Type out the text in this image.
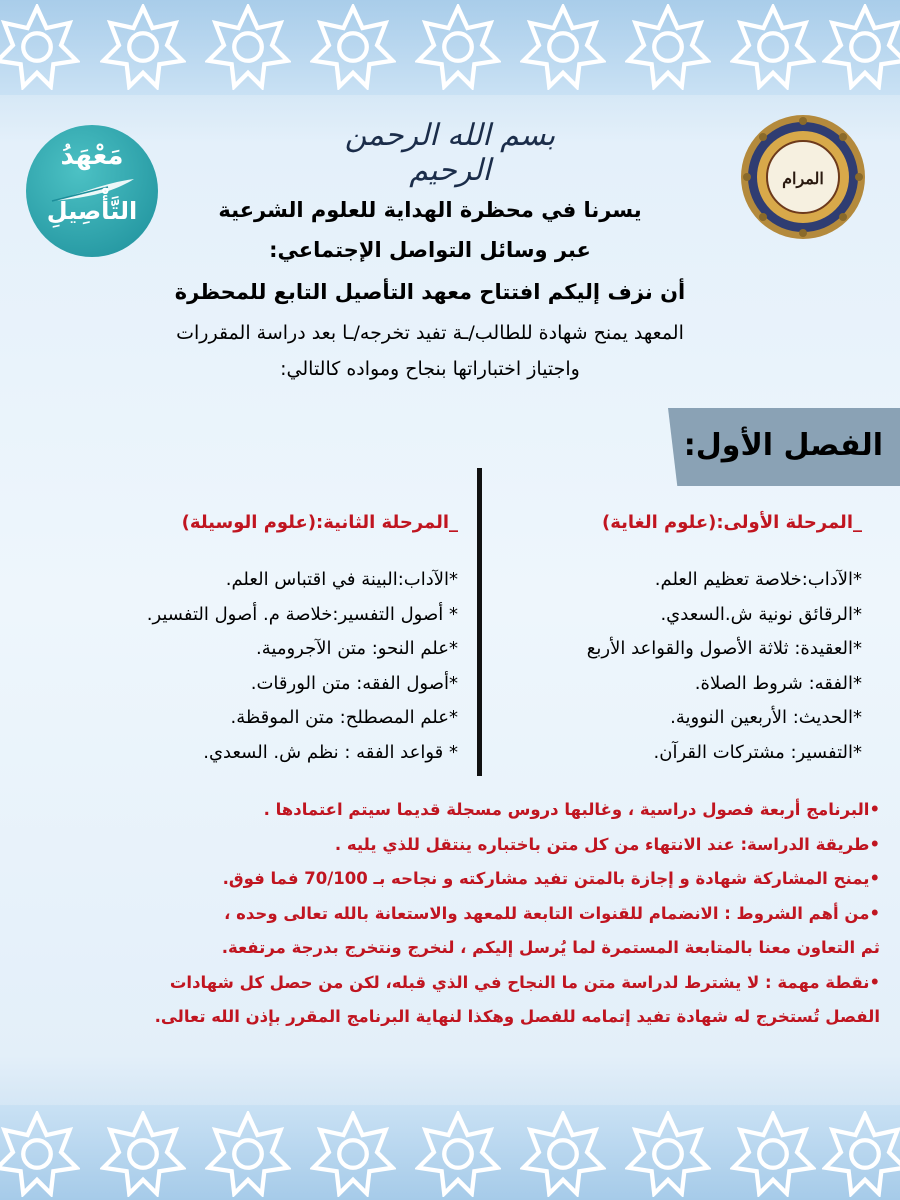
بسم الله الرحمن الرحيم	المرام
مَعْهَدُ
التَّأْصِيلِ	يسرنا في محظرة الهداية للعلوم الشرعية
عبر وسائل التواصل الإجتماعي:
أن نزف إليكم افتتاح معهد التأصيل التابع للمحظرة
المعهد يمنح شهادة للطالب/ـة تفيد تخرجه/ـا بعد دراسة المقررات
واجتياز اختباراتها بنجاح ومواده كالتالي:
الفصل الأول:
_المرحلة الأولى:(علوم الغاية)
*الآداب:خلاصة تعظيم العلم.
*الرقائق نونية ش.السعدي.
*العقيدة: ثلاثة الأصول والقواعد الأربع
*الفقه: شروط الصلاة.
*الحديث: الأربعين النووية.
*التفسير: مشتركات القرآن.
_المرحلة الثانية:(علوم الوسيلة)
*الآداب:البينة في اقتباس العلم.
* أصول التفسير:خلاصة م. أصول التفسير.
*علم النحو: متن الآجرومية.
*أصول الفقه: متن الورقات.
*علم المصطلح: متن الموقظة.
* قواعد الفقه : نظم ش. السعدي.
•البرنامج أربعة فصول دراسية ، وغالبها دروس مسجلة قديما سيتم اعتمادها .
•طريقة الدراسة: عند الانتهاء من كل متن باختباره ينتقل للذي يليه .
•يمنح المشاركة شهادة و إجازة بالمتن تفيد مشاركته و نجاحه بـ 70/100 فما فوق.
•من أهم الشروط : الانضمام للقنوات التابعة للمعهد والاستعانة بالله تعالى وحده ،
ثم التعاون معنا بالمتابعة المستمرة لما يُرسل إليكم ، لنخرج ونتخرج بدرجة مرتفعة.
•نقطة مهمة : لا يشترط لدراسة متن ما النجاح في الذي قبله، لكن من حصل كل شهادات
الفصل تُستخرج له شهادة تفيد إتمامه للفصل وهكذا لنهاية البرنامج المقرر بإذن الله تعالى.
